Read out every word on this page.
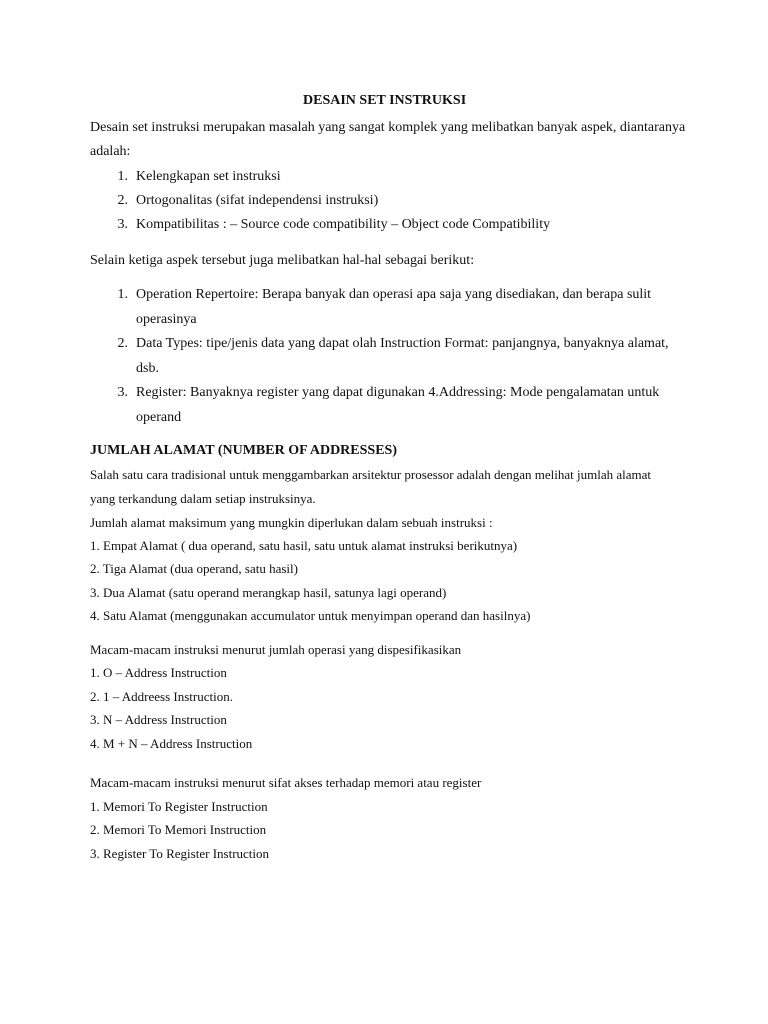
DESAIN SET INSTRUKSI
Desain set instruksi merupakan masalah yang sangat komplek yang melibatkan banyak aspek, diantaranya
adalah:
1. Kelengkapan set instruksi
2. Ortogonalitas (sifat independensi instruksi)
3. Kompatibilitas : – Source code compatibility – Object code Compatibility
Selain ketiga aspek tersebut juga melibatkan hal-hal sebagai berikut:
1. Operation Repertoire: Berapa banyak dan operasi apa saja yang disediakan, dan berapa sulit
operasinya
2. Data Types: tipe/jenis data yang dapat olah Instruction Format: panjangnya, banyaknya alamat,
dsb.
3. Register: Banyaknya register yang dapat digunakan 4.Addressing: Mode pengalamatan untuk
operand
JUMLAH ALAMAT (NUMBER OF ADDRESSES)
Salah satu cara tradisional untuk menggambarkan arsitektur prosessor adalah dengan melihat jumlah alamat
yang terkandung dalam setiap instruksinya.
Jumlah alamat maksimum yang mungkin diperlukan dalam sebuah instruksi :
1. Empat Alamat ( dua operand, satu hasil, satu untuk alamat instruksi berikutnya)
2. Tiga Alamat (dua operand, satu hasil)
3. Dua Alamat (satu operand merangkap hasil, satunya lagi operand)
4. Satu Alamat (menggunakan accumulator untuk menyimpan operand dan hasilnya)
Macam-macam instruksi menurut jumlah operasi yang dispesifikasikan
1. O – Address Instruction
2. 1 – Addreess Instruction.
3. N – Address Instruction
4. M + N – Address Instruction
Macam-macam instruksi menurut sifat akses terhadap memori atau register
1. Memori To Register Instruction
2. Memori To Memori Instruction
3. Register To Register Instruction
